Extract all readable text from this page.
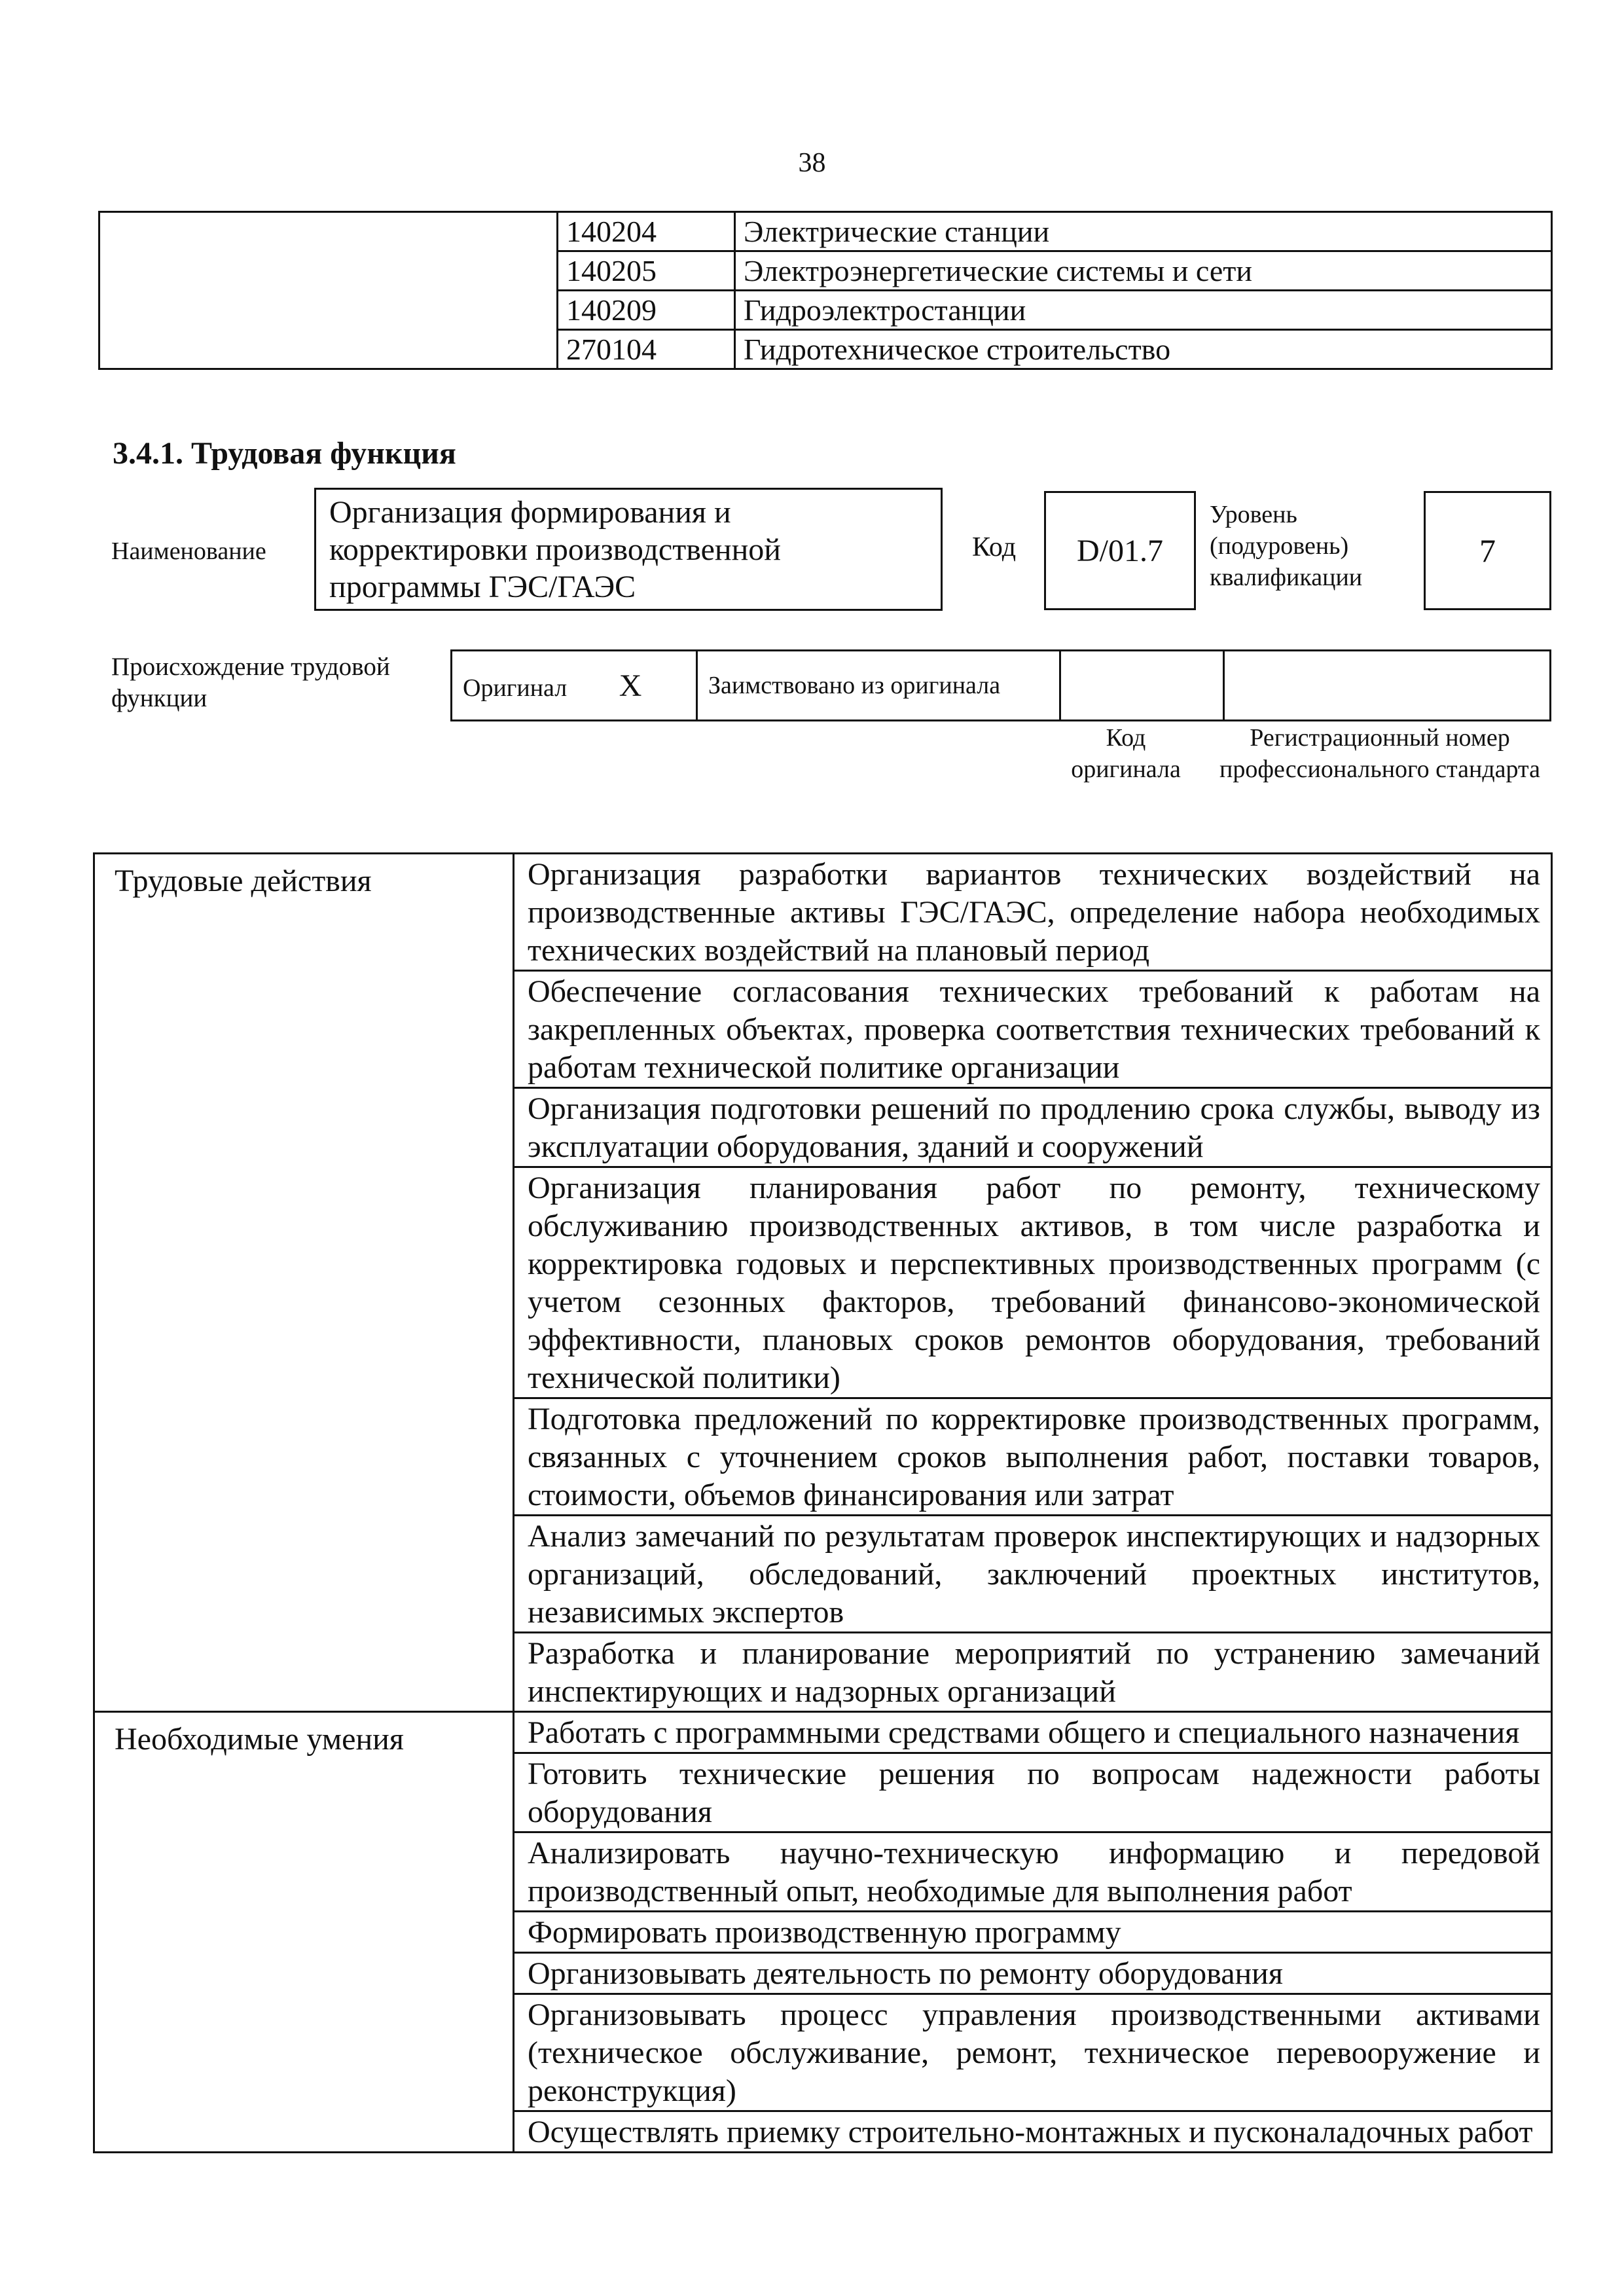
38
	140204	Электрические станции
	140205	Электроэнергетические системы и сети
	140209	Гидроэлектростанции
	270104	Гидротехническое строительство
3.4.1. Трудовая функция
Наименование
Организация формирования и корректировки производственной программы ГЭС/ГАЭС
Код	D/01.7
Уровень (подуровень) квалификации
7
Происхождение трудовой функции	Оригинал X	Заимствовано из оригинала		
Код оригинала
Регистрационный номер профессионального стандарта
Трудовые действия	Организация разработки вариантов технических воздействий на производственные активы ГЭС/ГАЭС, определение набора необходимых технических воздействий на плановый период
	Обеспечение согласования технических требований к работам на закрепленных объектах, проверка соответствия технических требований к работам технической политике организации
	Организация подготовки решений по продлению срока службы, выводу из эксплуатации оборудования, зданий и сооружений
	Организация планирования работ по ремонту, техническому обслуживанию производственных активов, в том числе разработка и корректировка годовых и перспективных производственных программ (с учетом сезонных факторов, требований финансово-экономической эффективности, плановых сроков ремонтов оборудования, требований технической политики)
	Подготовка предложений по корректировке производственных программ, связанных с уточнением сроков выполнения работ, поставки товаров, стоимости, объемов финансирования или затрат
	Анализ замечаний по результатам проверок инспектирующих и надзорных организаций, обследований, заключений проектных институтов, независимых экспертов
	Разработка и планирование мероприятий по устранению замечаний инспектирующих и надзорных организаций
Необходимые умения	Работать с программными средствами общего и специального назначения
	Готовить технические решения по вопросам надежности работы оборудования
	Анализировать научно-техническую информацию и передовой производственный опыт, необходимые для выполнения работ
	Формировать производственную программу
	Организовывать деятельность по ремонту оборудования
	Организовывать процесс управления производственными активами (техническое обслуживание, ремонт, техническое перевооружение и реконструкция)
	Осуществлять приемку строительно-монтажных и пусконаладочных работ
